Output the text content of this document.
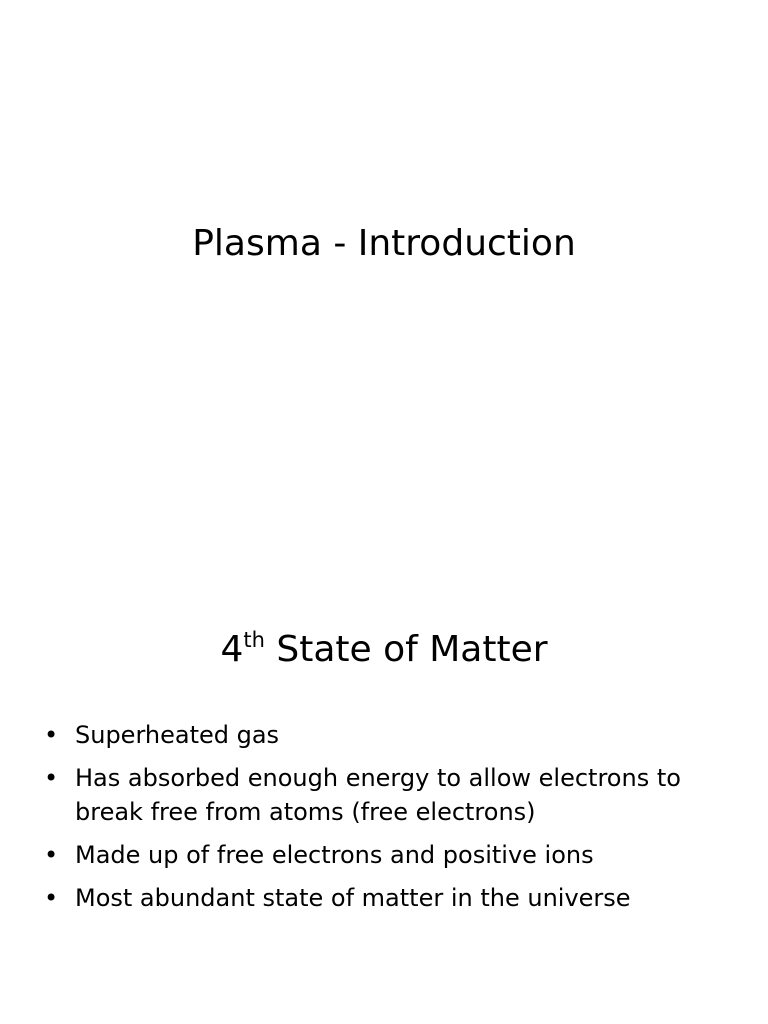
Plasma - Introduction
4th State of Matter
• Superheated gas
• Has absorbed enough energy to allow electrons to break free from atoms (free electrons)
• Made up of free electrons and positive ions
• Most abundant state of matter in the universe
